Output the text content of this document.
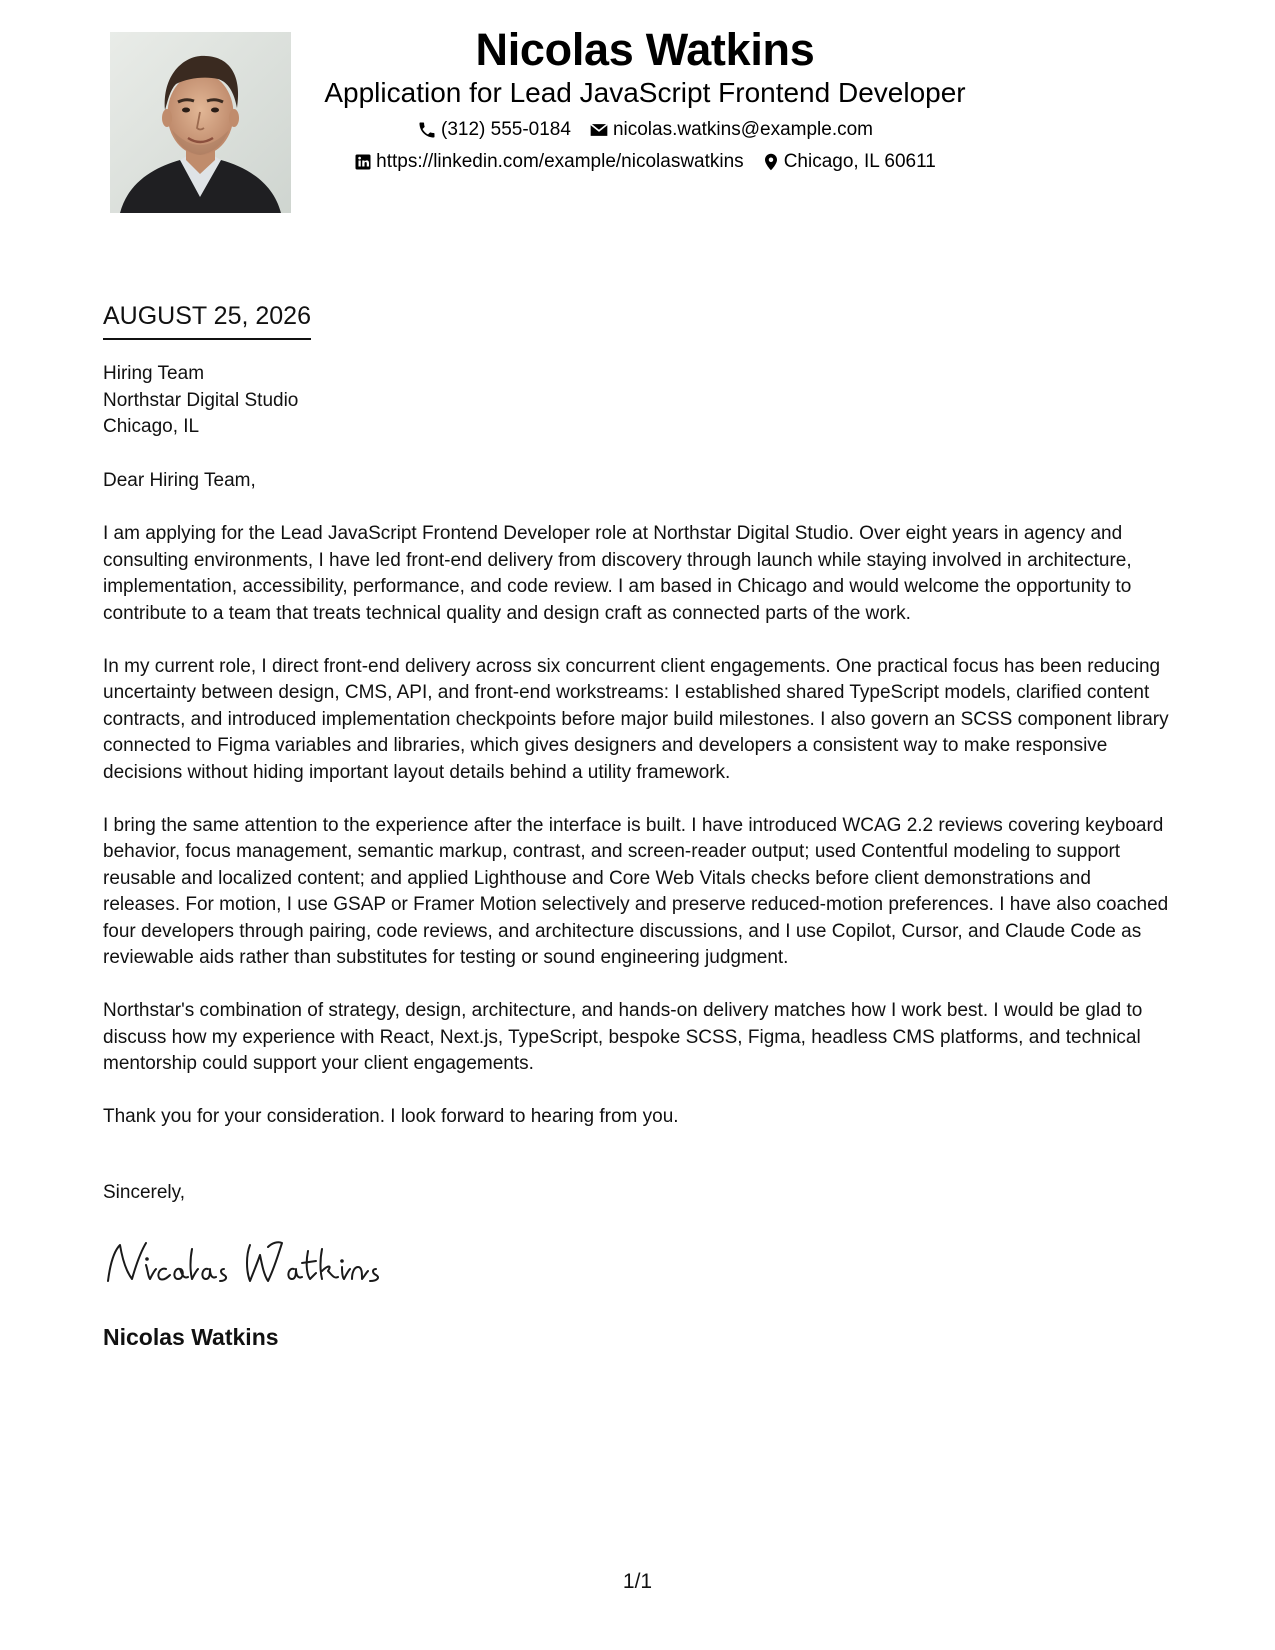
Nicolas Watkins
Application for Lead JavaScript Frontend Developer
(312) 555-0184 nicolas.watkins@example.com
https://linkedin.com/example/nicolaswatkins Chicago, IL 60611
AUGUST 25, 2026
Hiring Team
Northstar Digital Studio
Chicago, IL

Dear Hiring Team,

I am applying for the Lead JavaScript Frontend Developer role at Northstar Digital Studio. Over eight years in agency and consulting environments, I have led front-end delivery from discovery through launch while staying involved in architecture, implementation, accessibility, performance, and code review. I am based in Chicago and would welcome the opportunity to contribute to a team that treats technical quality and design craft as connected parts of the work.

In my current role, I direct front-end delivery across six concurrent client engagements. One practical focus has been reducing uncertainty between design, CMS, API, and front-end workstreams: I established shared TypeScript models, clarified content contracts, and introduced implementation checkpoints before major build milestones. I also govern an SCSS component library connected to Figma variables and libraries, which gives designers and developers a consistent way to make responsive decisions without hiding important layout details behind a utility framework.

I bring the same attention to the experience after the interface is built. I have introduced WCAG 2.2 reviews covering keyboard behavior, focus management, semantic markup, contrast, and screen-reader output; used Contentful modeling to support reusable and localized content; and applied Lighthouse and Core Web Vitals checks before client demonstrations and releases. For motion, I use GSAP or Framer Motion selectively and preserve reduced-motion preferences. I have also coached four developers through pairing, code reviews, and architecture discussions, and I use Copilot, Cursor, and Claude Code as reviewable aids rather than substitutes for testing or sound engineering judgment.

Northstar's combination of strategy, design, architecture, and hands-on delivery matches how I work best. I would be glad to discuss how my experience with React, Next.js, TypeScript, bespoke SCSS, Figma, headless CMS platforms, and technical mentorship could support your client engagements.

Thank you for your consideration. I look forward to hearing from you.

Sincerely,
Nicolas Watkins
1/1
